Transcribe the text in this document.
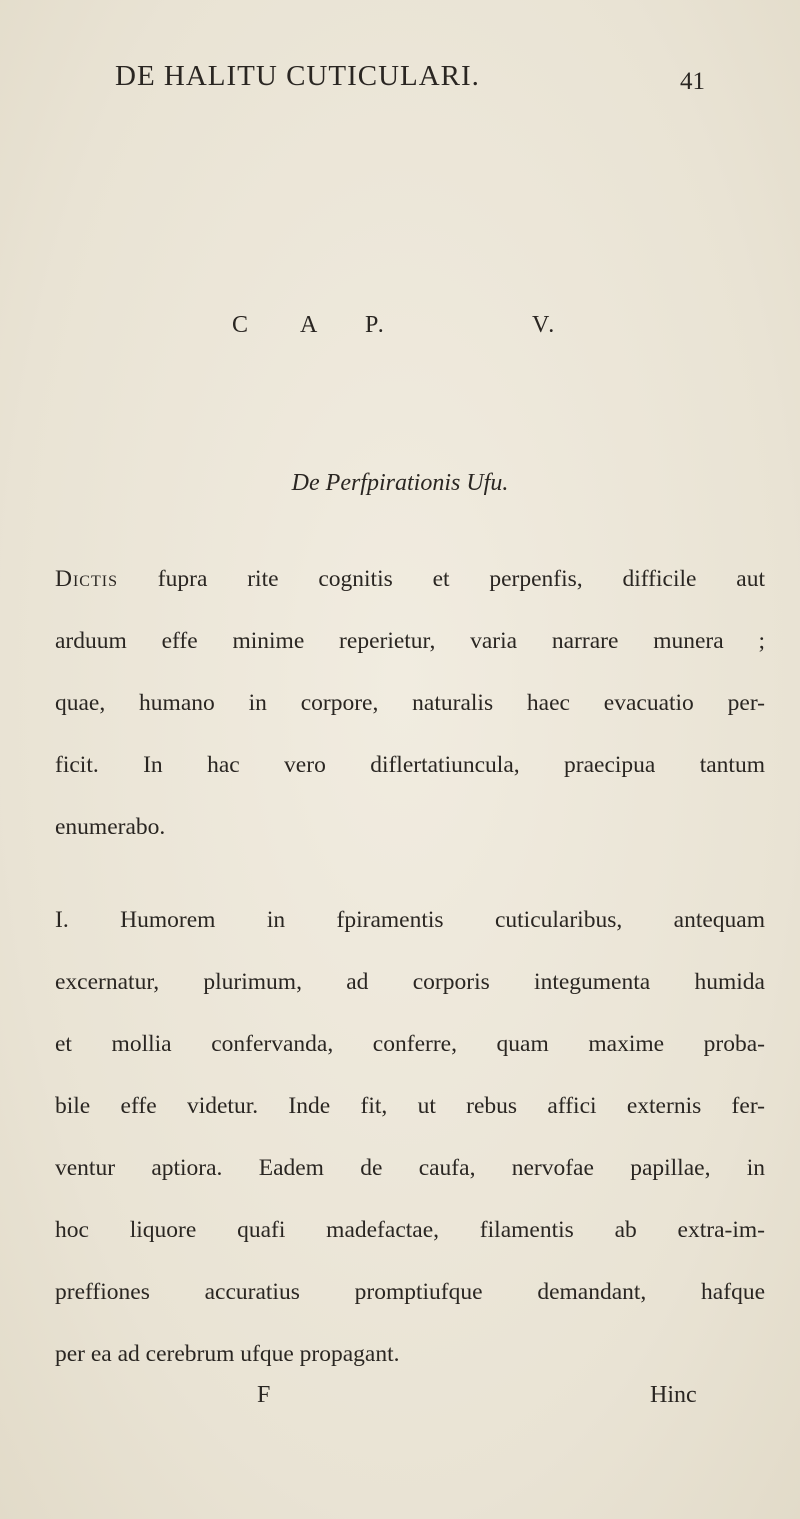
DE HALITU CUTICULARI.	41
C A P.	V.
De Perfpirationis Ufu.
Dictis fupra rite cognitis et perpenfis, difficile aut
arduum effe minime reperietur, varia narrare munera ;
quae, humano in corpore, naturalis haec evacuatio per-
ficit. In hac vero diflertatiuncula, praecipua tantum
enumerabo.
I. Humorem in fpiramentis cuticularibus, antequam
excernatur, plurimum, ad corporis integumenta humida
et mollia confervanda, conferre, quam maxime proba-
bile effe videtur. Inde fit, ut rebus affici externis fer-
ventur aptiora. Eadem de caufa, nervofae papillae, in
hoc liquore quafi madefactae, filamentis ab extra-im-
preffiones accuratius promptiufque demandant, hafque
per ea ad cerebrum ufque propagant.
F	Hinc
